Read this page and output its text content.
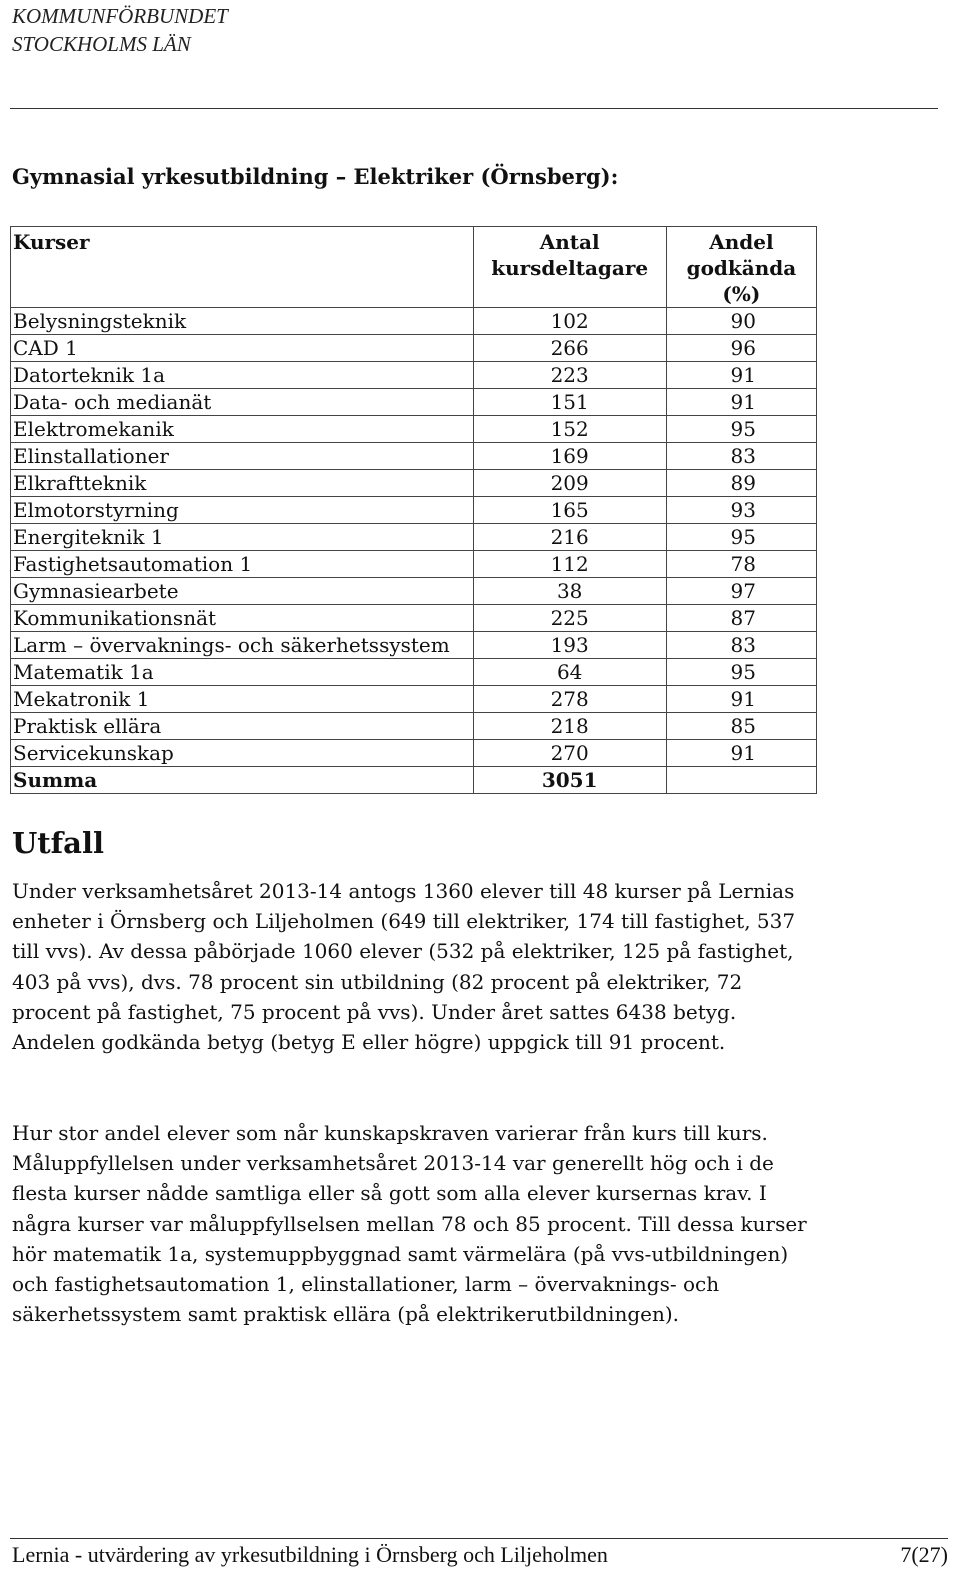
KOMMUNFÖRBUNDET
STOCKHOLMS LÄN
Gymnasial yrkesutbildning – Elektriker (Örnsberg):
Kurser	Antal kursdeltagare	Andel godkända (%)
Belysningsteknik	102	90
CAD 1	266	96
Datorteknik 1a	223	91
Data- och medianät	151	91
Elektromekanik	152	95
Elinstallationer	169	83
Elkraftteknik	209	89
Elmotorstyrning	165	93
Energiteknik 1	216	95
Fastighetsautomation 1	112	78
Gymnasiearbete	38	97
Kommunikationsnät	225	87
Larm – övervaknings- och säkerhetssystem	193	83
Matematik 1a	64	95
Mekatronik 1	278	91
Praktisk ellära	218	85
Servicekunskap	270	91
Summa	3051	
Utfall
Under verksamhetsåret 2013-14 antogs 1360 elever till 48 kurser på Lernias enheter i Örnsberg och Liljeholmen (649 till elektriker, 174 till fastighet, 537 till vvs). Av dessa påbörjade 1060 elever (532 på elektriker, 125 på fastighet, 403 på vvs), dvs. 78 procent sin utbildning (82 procent på elektriker, 72 procent på fastighet, 75 procent på vvs). Under året sattes 6438 betyg. Andelen godkända betyg (betyg E eller högre) uppgick till 91 procent.
Hur stor andel elever som når kunskapskraven varierar från kurs till kurs. Måluppfyllelsen under verksamhetsåret 2013-14 var generellt hög och i de flesta kurser nådde samtliga eller så gott som alla elever kursernas krav. I några kurser var måluppfyllselsen mellan 78 och 85 procent. Till dessa kurser hör matematik 1a, systemuppbyggnad samt värmelära (på vvs-utbildningen) och fastighetsautomation 1, elinstallationer, larm – övervaknings- och säkerhetssystem samt praktisk ellära (på elektrikerutbildningen).
Lernia - utvärdering av yrkesutbildning i Örnsberg och Liljeholmen	7(27)
